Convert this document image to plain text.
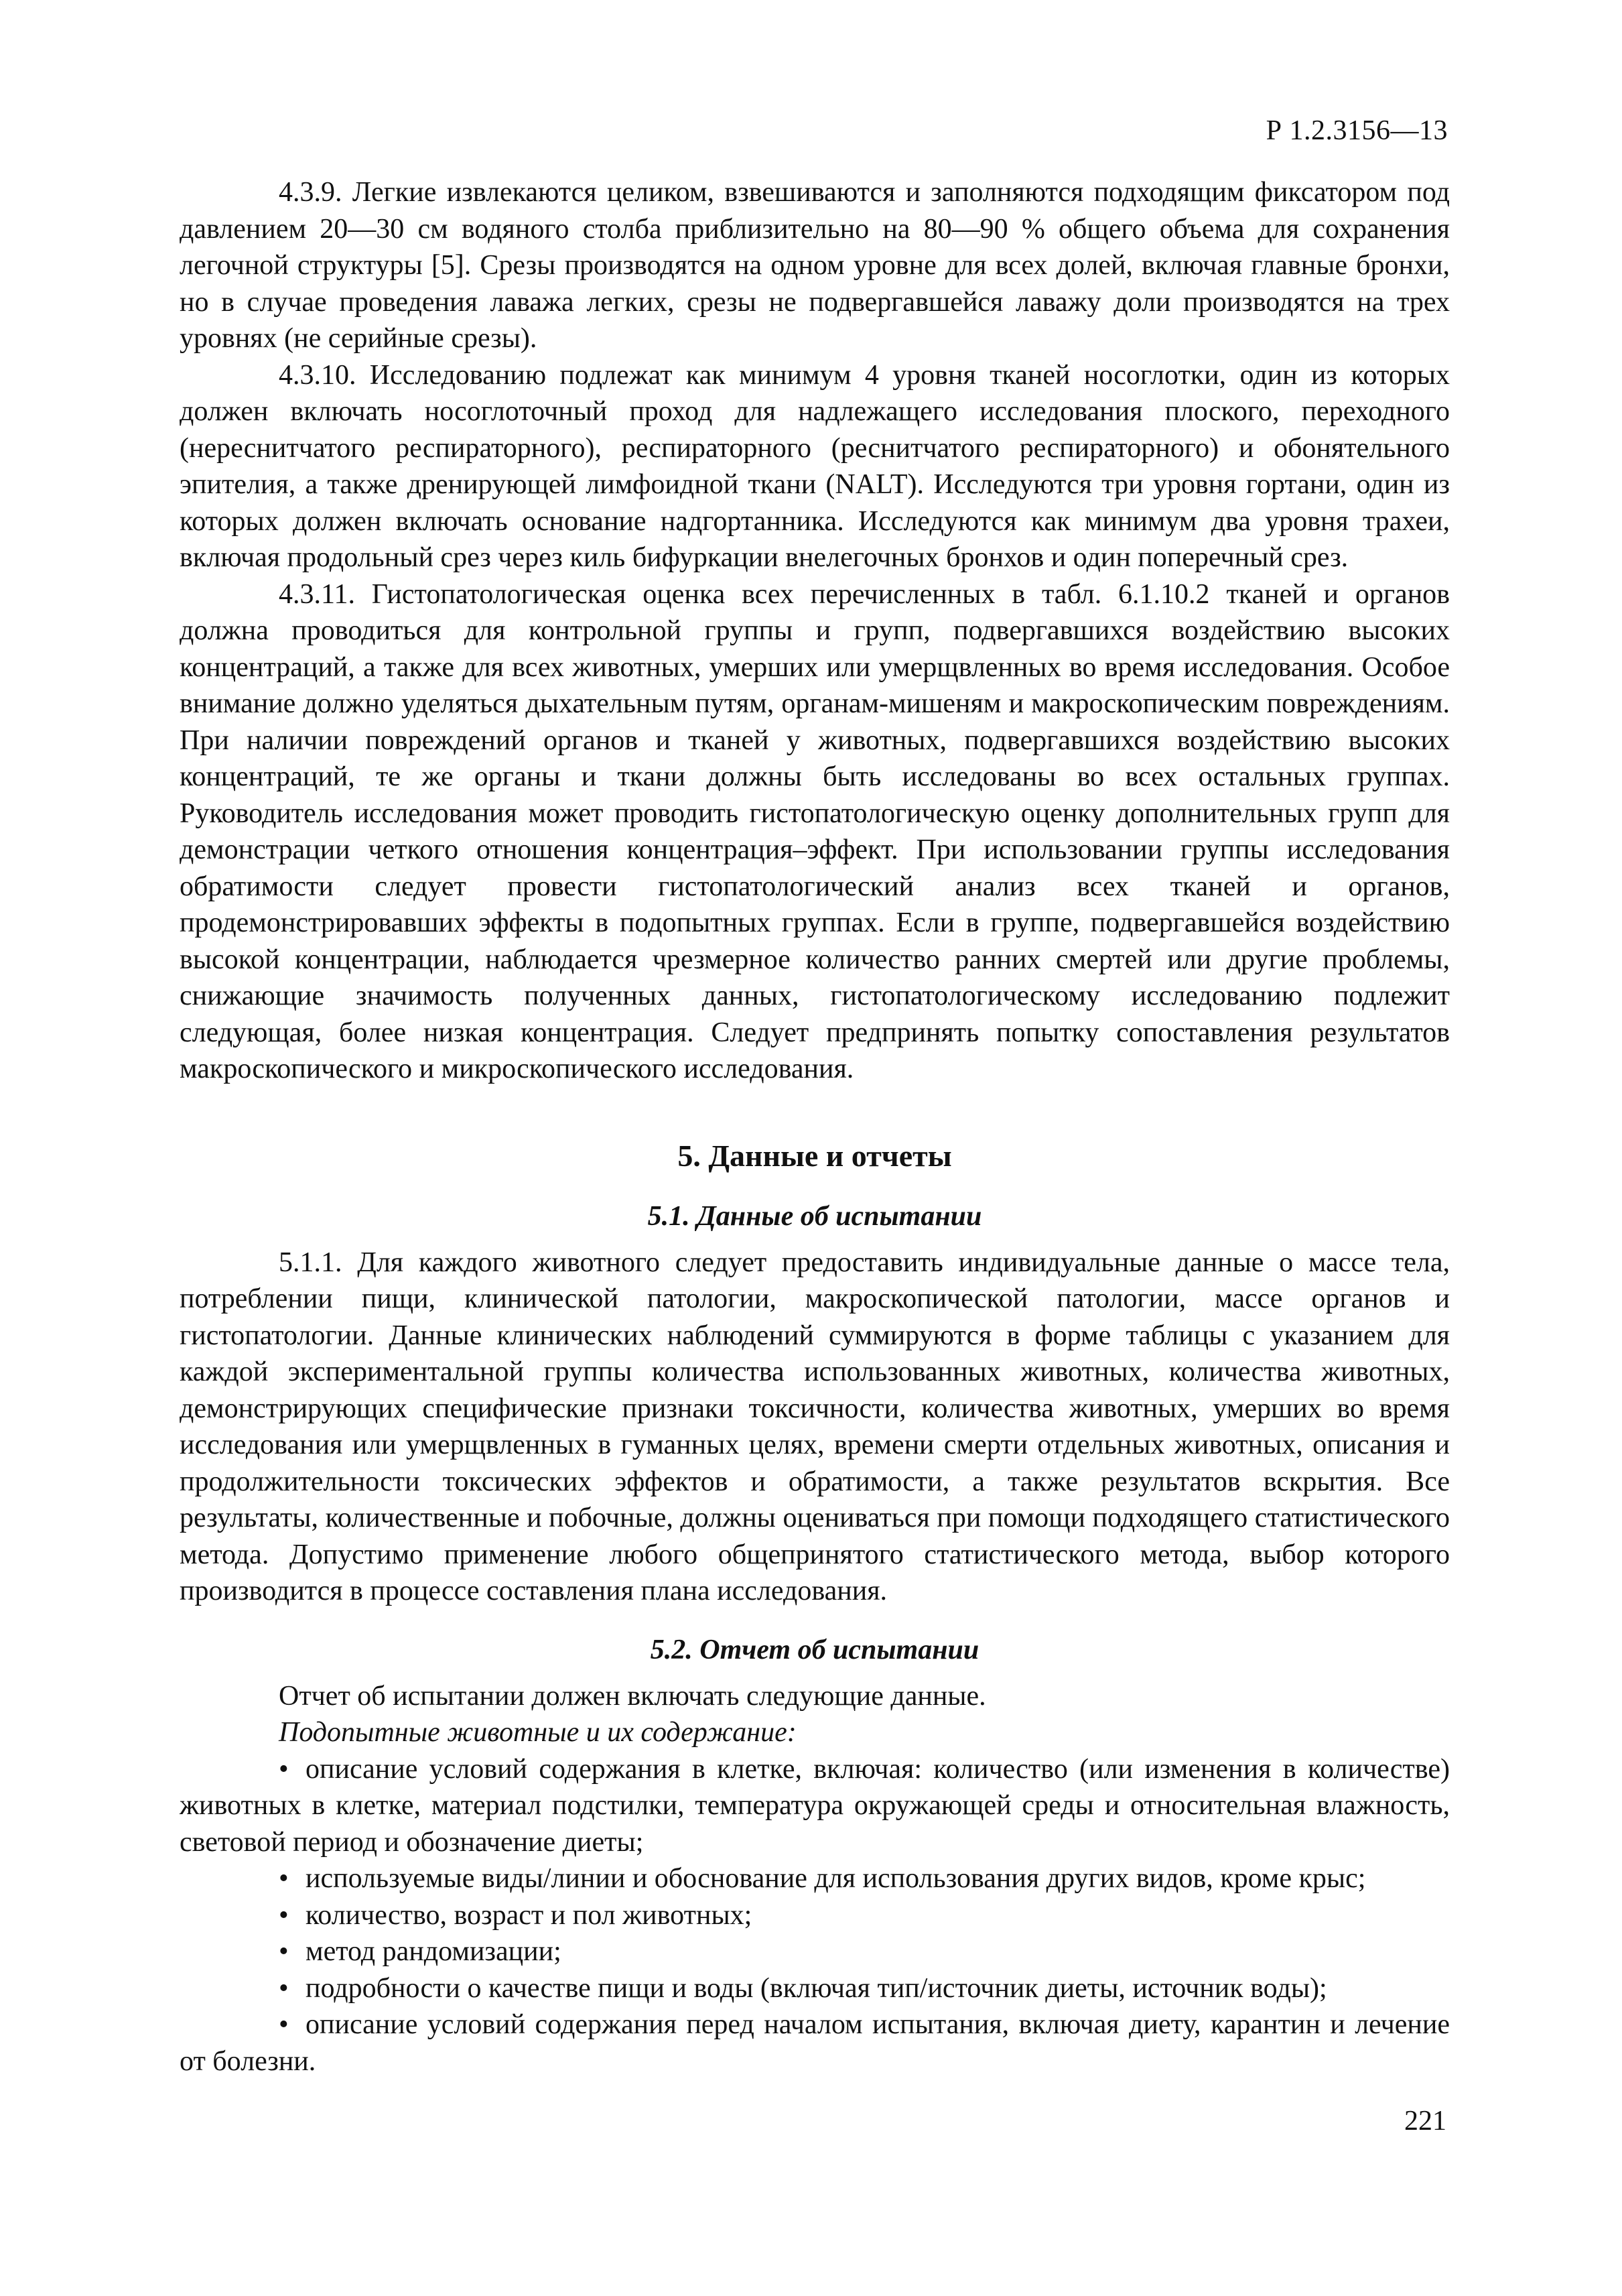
Р 1.2.3156—13

4.3.9. Легкие извлекаются целиком, взвешиваются и заполняются подходящим фиксатором под давлением 20—30 см водяного столба приблизительно на 80—90 % общего объема для сохранения легочной структуры [5]. Срезы производятся на одном уровне для всех долей, включая главные бронхи, но в случае проведения лаважа легких, срезы не подвергавшейся лаважу доли производятся на трех уровнях (не серийные срезы).

4.3.10. Исследованию подлежат как минимум 4 уровня тканей носоглотки, один из которых должен включать носоглоточный проход для надлежащего исследования плоского, переходного (нереснитчатого респираторного), респираторного (реснитчатого респираторного) и обонятельного эпителия, а также дренирующей лимфоидной ткани (NALT). Исследуются три уровня гортани, один из которых должен включать основание надгортанника. Исследуются как минимум два уровня трахеи, включая продольный срез через киль бифуркации внелегочных бронхов и один поперечный срез.

4.3.11. Гистопатологическая оценка всех перечисленных в табл. 6.1.10.2 тканей и органов должна проводиться для контрольной группы и групп, подвергавшихся воздействию высоких концентраций, а также для всех животных, умерших или умерщвленных во время исследования. Особое внимание должно уделяться дыхательным путям, органам-мишеням и макроскопическим повреждениям. При наличии повреждений органов и тканей у животных, подвергавшихся воздействию высоких концентраций, те же органы и ткани должны быть исследованы во всех остальных группах. Руководитель исследования может проводить гистопатологическую оценку дополнительных групп для демонстрации четкого отношения концентрация–эффект. При использовании группы исследования обратимости следует провести гистопатологический анализ всех тканей и органов, продемонстрировавших эффекты в подопытных группах. Если в группе, подвергавшейся воздействию высокой концентрации, наблюдается чрезмерное количество ранних смертей или другие проблемы, снижающие значимость полученных данных, гистопатологическому исследованию подлежит следующая, более низкая концентрация. Следует предпринять попытку сопоставления результатов макроскопического и микроскопического исследования.

5. Данные и отчеты
5.1. Данные об испытании

5.1.1. Для каждого животного следует предоставить индивидуальные данные о массе тела, потреблении пищи, клинической патологии, макроскопической патологии, массе органов и гистопатологии. Данные клинических наблюдений суммируются в форме таблицы с указанием для каждой экспериментальной группы количества использованных животных, количества животных, демонстрирующих специфические признаки токсичности, количества животных, умерших во время исследования или умерщвленных в гуманных целях, времени смерти отдельных животных, описания и продолжительности токсических эффектов и обратимости, а также результатов вскрытия. Все результаты, количественные и побочные, должны оцениваться при помощи подходящего статистического метода. Допустимо применение любого общепринятого статистического метода, выбор которого производится в процессе составления плана исследования.

5.2. Отчет об испытании

Отчет об испытании должен включать следующие данные.

Подопытные животные и их содержание:

• описание условий содержания в клетке, включая: количество (или изменения в количестве) животных в клетке, материал подстилки, температура окружающей среды и относительная влажность, световой период и обозначение диеты;
• используемые виды/линии и обоснование для использования других видов, кроме крыс;
• количество, возраст и пол животных;
• метод рандомизации;
• подробности о качестве пищи и воды (включая тип/источник диеты, источник воды);
• описание условий содержания перед началом испытания, включая диету, карантин и лечение от болезни.
221
